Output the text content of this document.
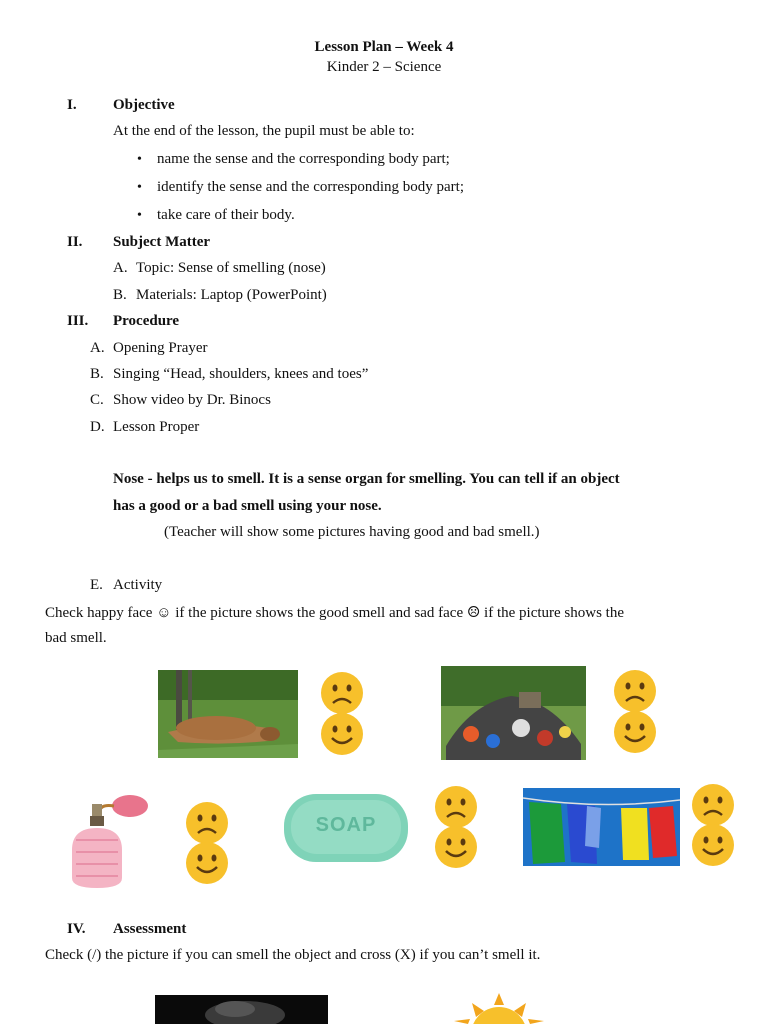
Lesson Plan – Week 4
Kinder 2 – Science
I. Objective
At the end of the lesson, the pupil must be able to:
• name the sense and the corresponding body part;
• identify the sense and the corresponding body part;
• take care of their body.
II. Subject Matter
A. Topic: Sense of smelling (nose)
B. Materials: Laptop (PowerPoint)
III. Procedure
A. Opening Prayer
B. Singing “Head, shoulders, knees and toes”
C. Show video by Dr. Binocs
D. Lesson Proper
Nose - helps us to smell. It is a sense organ for smelling. You can tell if an object
has a good or a bad smell using your nose.
(Teacher will show some pictures having good and bad smell.)
E. Activity
Check happy face ☺ if the picture shows the good smell and sad face ☹ if the picture shows the
bad smell.
SOAP
IV. Assessment
Check (/) the picture if you can smell the object and cross (X) if you can’t smell it.
